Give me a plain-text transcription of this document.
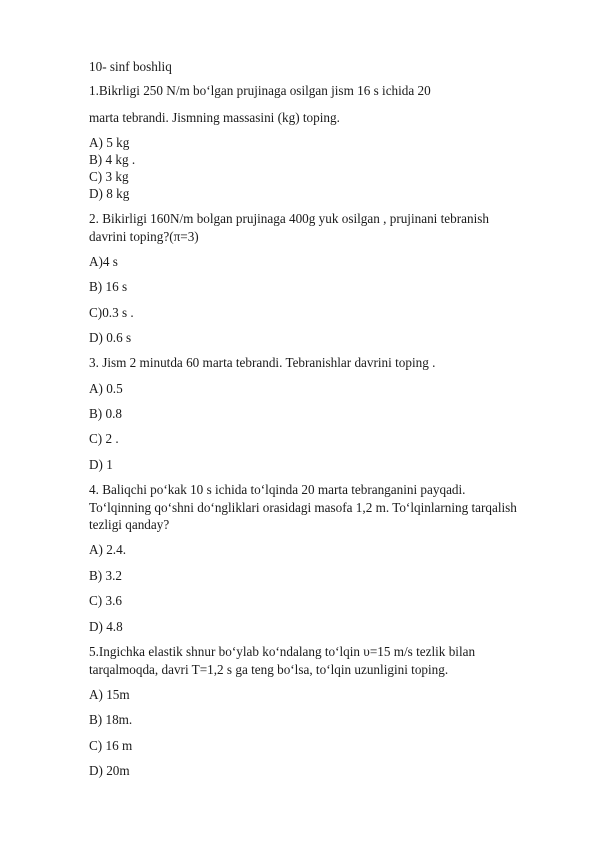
10- sinf boshliq
1.Bikrligi 250 N/m bo‘lgan prujinaga osilgan jism 16 s ichida 20
marta tebrandi. Jismning massasini (kg) toping.
A) 5 kg
B) 4 kg .
C) 3 kg
D) 8 kg
2. Bikirligi 160N/m bolgan prujinaga 400g yuk osilgan , prujinani tebranish
davrini toping?(π=3)
A)4 s
B) 16 s
C)0.3 s .
D) 0.6 s
3. Jism 2 minutda 60 marta tebrandi. Tebranishlar davrini toping .
A) 0.5
B) 0.8
C) 2 .
D) 1
4. Baliqchi po‘kak 10 s ichida to‘lqinda 20 marta tebranganini payqadi.
To‘lqinning qo‘shni do‘ngliklari orasidagi masofa 1,2 m. To‘lqinlarning tarqalish
tezligi qanday?
A) 2.4.
B) 3.2
C) 3.6
D) 4.8
5.Ingichka elastik shnur bo‘ylab ko‘ndalang to‘lqin υ=15 m/s tezlik bilan
tarqalmoqda, davri T=1,2 s ga teng bo‘lsa, to‘lqin uzunligini toping.
A) 15m
B) 18m.
C) 16 m
D) 20m
